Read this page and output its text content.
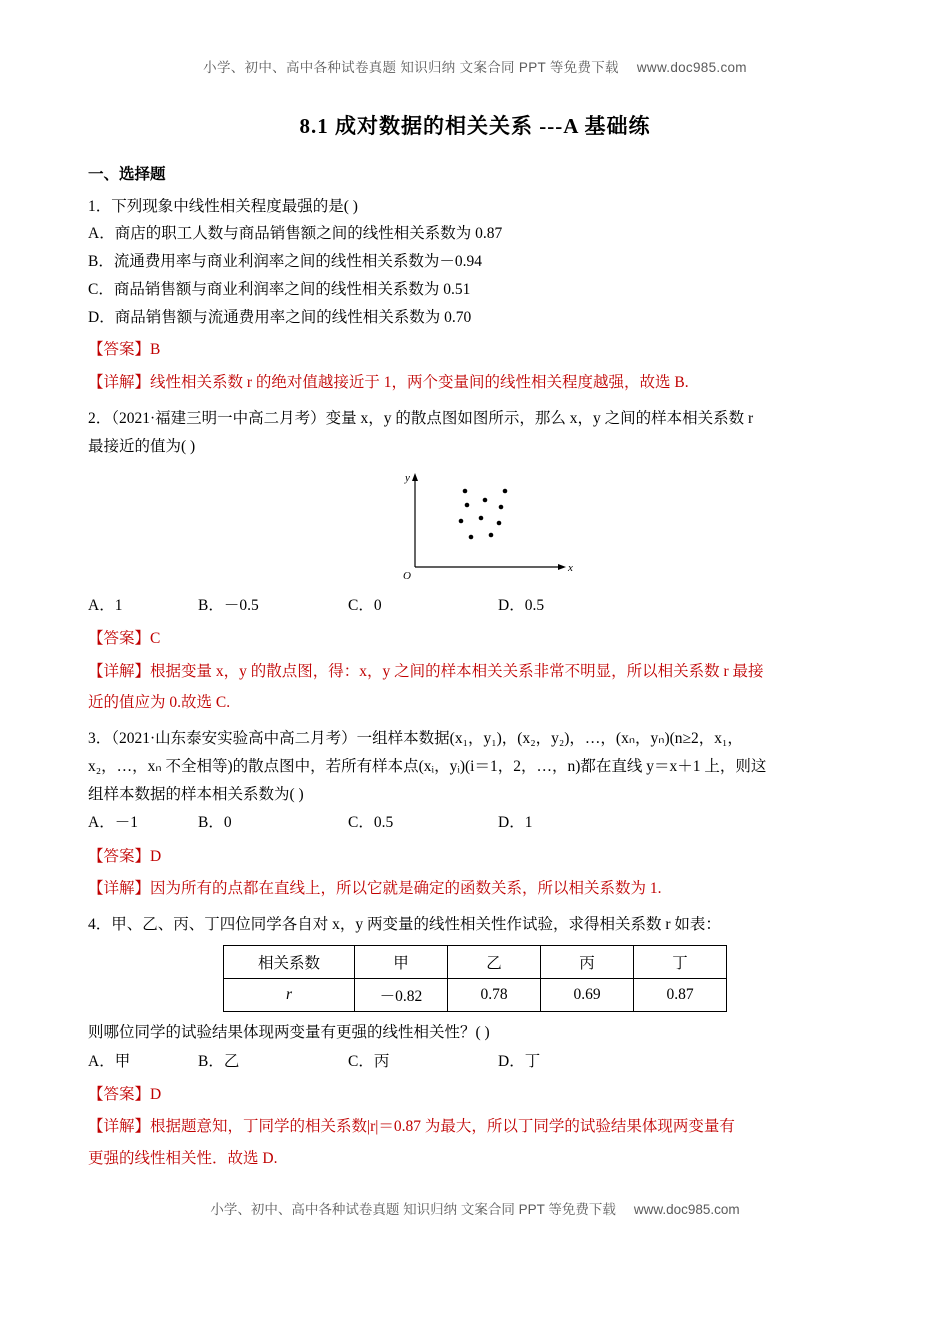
小学、初中、高中各种试卷真题 知识归纳 文案合同 PPT 等免费下载 www.doc985.com
8.1 成对数据的相关关系 ---A 基础练
一、选择题
1．下列现象中线性相关程度最强的是( )
A．商店的职工人数与商品销售额之间的线性相关系数为 0.87
B．流通费用率与商业利润率之间的线性相关系数为－0.94
C．商品销售额与商业利润率之间的线性相关系数为 0.51
D．商品销售额与流通费用率之间的线性相关系数为 0.70
【答案】B
【详解】线性相关系数 r 的绝对值越接近于 1，两个变量间的线性相关程度越强，故选 B.
2．（2021·福建三明一中高二月考）变量 x，y 的散点图如图所示，那么 x，y 之间的样本相关系数 r
最接近的值为( )
y
x
O
A．1	B．－0.5	C．0	D．0.5
【答案】C
【详解】根据变量 x，y 的散点图，得：x，y 之间的样本相关关系非常不明显，所以相关系数 r 最接
近的值应为 0.故选 C.
3．（2021·山东泰安实验高中高二月考）一组样本数据(x₁，y₁)，(x₂，y₂)，…，(xₙ，yₙ)(n≥2，x₁，
x₂，…，xₙ 不全相等)的散点图中，若所有样本点(xᵢ，yᵢ)(i＝1，2，…，n)都在直线 y＝x＋1 上，则这
组样本数据的样本相关系数为( )
A．－1	B．0	C．0.5	D．1
【答案】D
【详解】因为所有的点都在直线上，所以它就是确定的函数关系，所以相关系数为 1.
4．甲、乙、丙、丁四位同学各自对 x，y 两变量的线性相关性作试验，求得相关系数 r 如表：
相关系数	甲	乙	丙	丁
r	－0.82	0.78	0.69	0.87
则哪位同学的试验结果体现两变量有更强的线性相关性？( )
A．甲	B．乙	C．丙	D．丁
【答案】D
【详解】根据题意知，丁同学的相关系数|r|＝0.87 为最大，所以丁同学的试验结果体现两变量有
更强的线性相关性．故选 D.
小学、初中、高中各种试卷真题 知识归纳 文案合同 PPT 等免费下载 www.doc985.com
